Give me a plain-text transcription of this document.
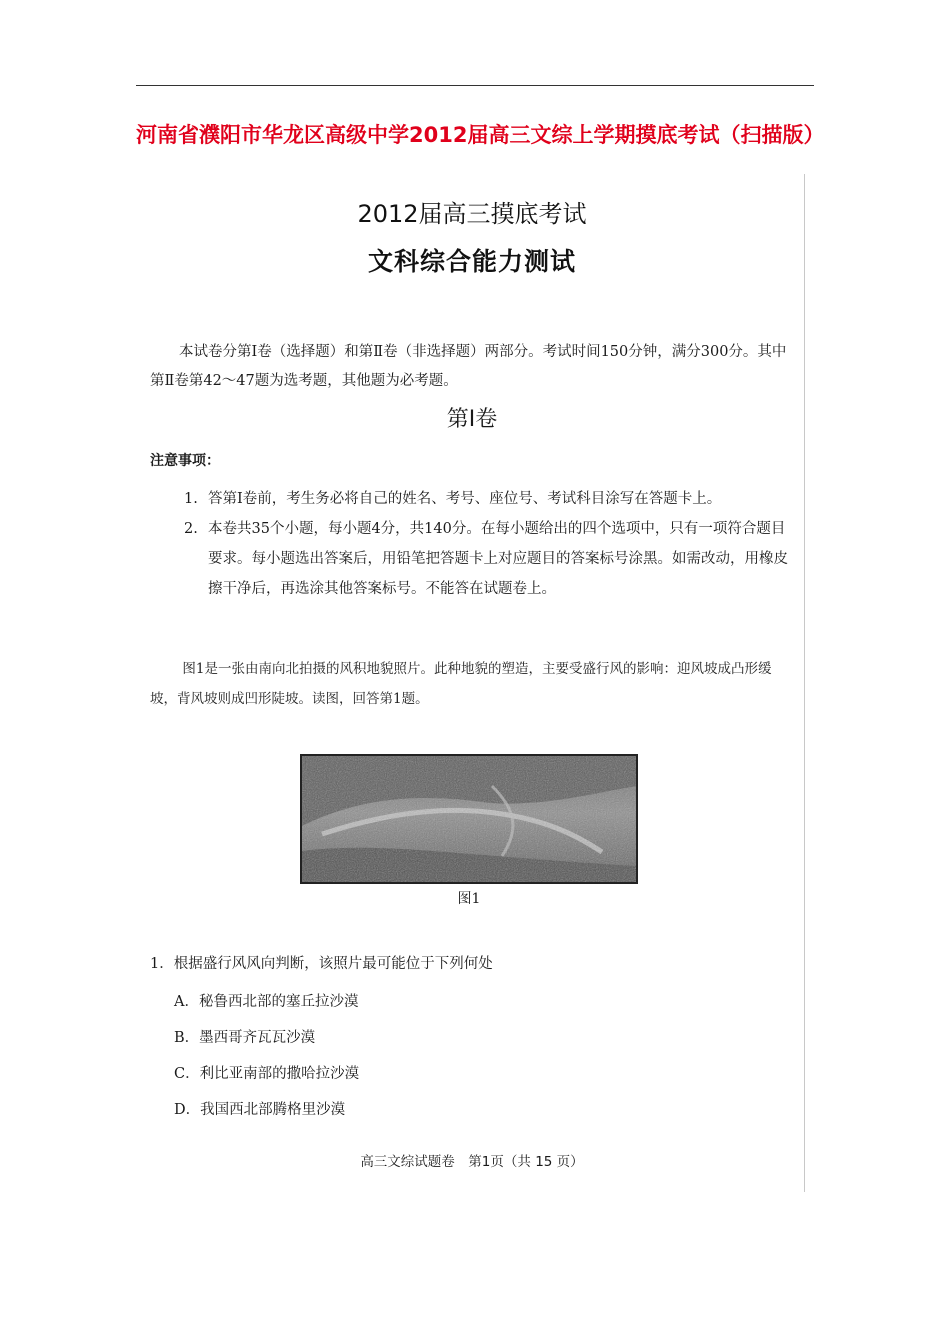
河南省濮阳市华龙区高级中学2012届高三文综上学期摸底考试（扫描版）
2012届高三摸底考试
文科综合能力测试
本试卷分第Ⅰ卷（选择题）和第Ⅱ卷（非选择题）两部分。考试时间150分钟，满分300分。其中第Ⅱ卷第42～47题为选考题，其他题为必考题。
第Ⅰ卷
注意事项：
1. 答第Ⅰ卷前，考生务必将自己的姓名、考号、座位号、考试科目涂写在答题卡上。
2. 本卷共35个小题，每小题4分，共140分。在每小题给出的四个选项中，只有一项符合题目要求。每小题选出答案后，用铅笔把答题卡上对应题目的答案标号涂黑。如需改动，用橡皮擦干净后，再选涂其他答案标号。不能答在试题卷上。
图1是一张由南向北拍摄的风积地貌照片。此种地貌的塑造，主要受盛行风的影响：迎风坡成凸形缓坡，背风坡则成凹形陡坡。读图，回答第1题。
图1
1．根据盛行风风向判断，该照片最可能位于下列何处
A．秘鲁西北部的塞丘拉沙漠
B．墨西哥齐瓦瓦沙漠
C．利比亚南部的撒哈拉沙漠
D．我国西北部腾格里沙漠
高三文综试题卷　第1页（共 15 页）
